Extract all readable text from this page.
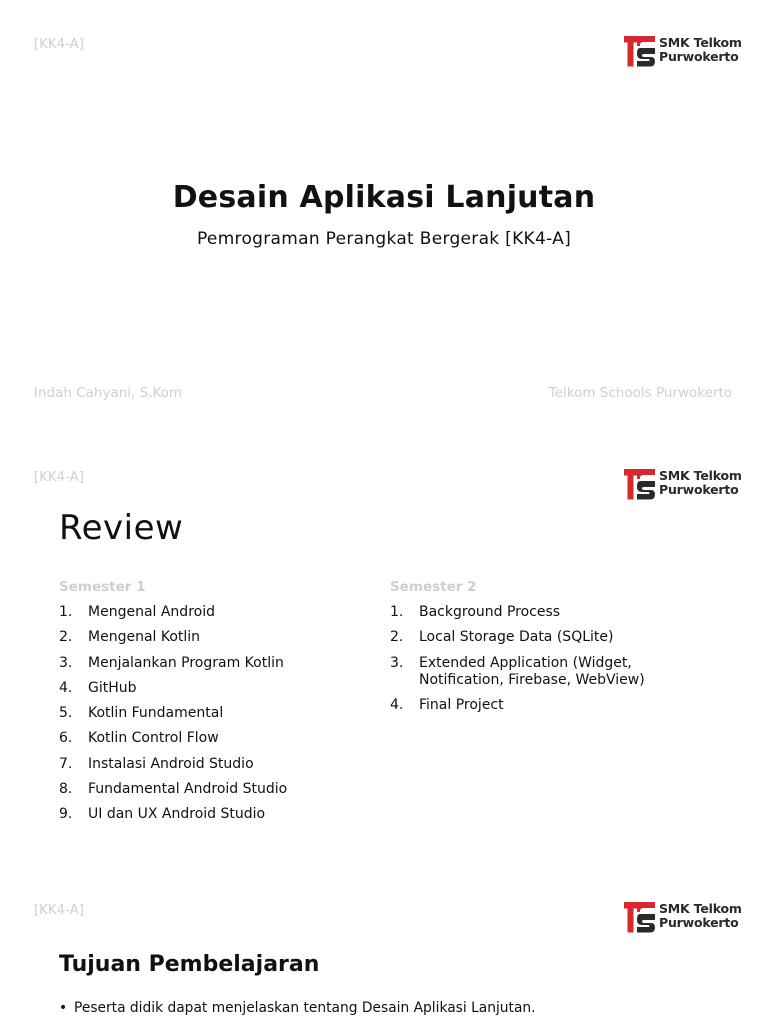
[KK4-A]	SMK Telkom
Purwokerto
Desain Aplikasi Lanjutan
Pemrograman Perangkat Bergerak [KK4-A]
Indah Cahyani, S.Kom	Telkom Schools Purwokerto
[KK4-A]	SMK Telkom
Purwokerto
Review
Semester 1
1. Mengenal Android
2. Mengenal Kotlin
3. Menjalankan Program Kotlin
4. GitHub
5. Kotlin Fundamental
6. Kotlin Control Flow
7. Instalasi Android Studio
8. Fundamental Android Studio
9. UI dan UX Android Studio
Semester 2
1. Background Process
2. Local Storage Data (SQLite)
3. Extended Application (Widget, Notification, Firebase, WebView)
4. Final Project
[KK4-A]	SMK Telkom
Purwokerto
Tujuan Pembelajaran
• Peserta didik dapat menjelaskan tentang Desain Aplikasi Lanjutan.
